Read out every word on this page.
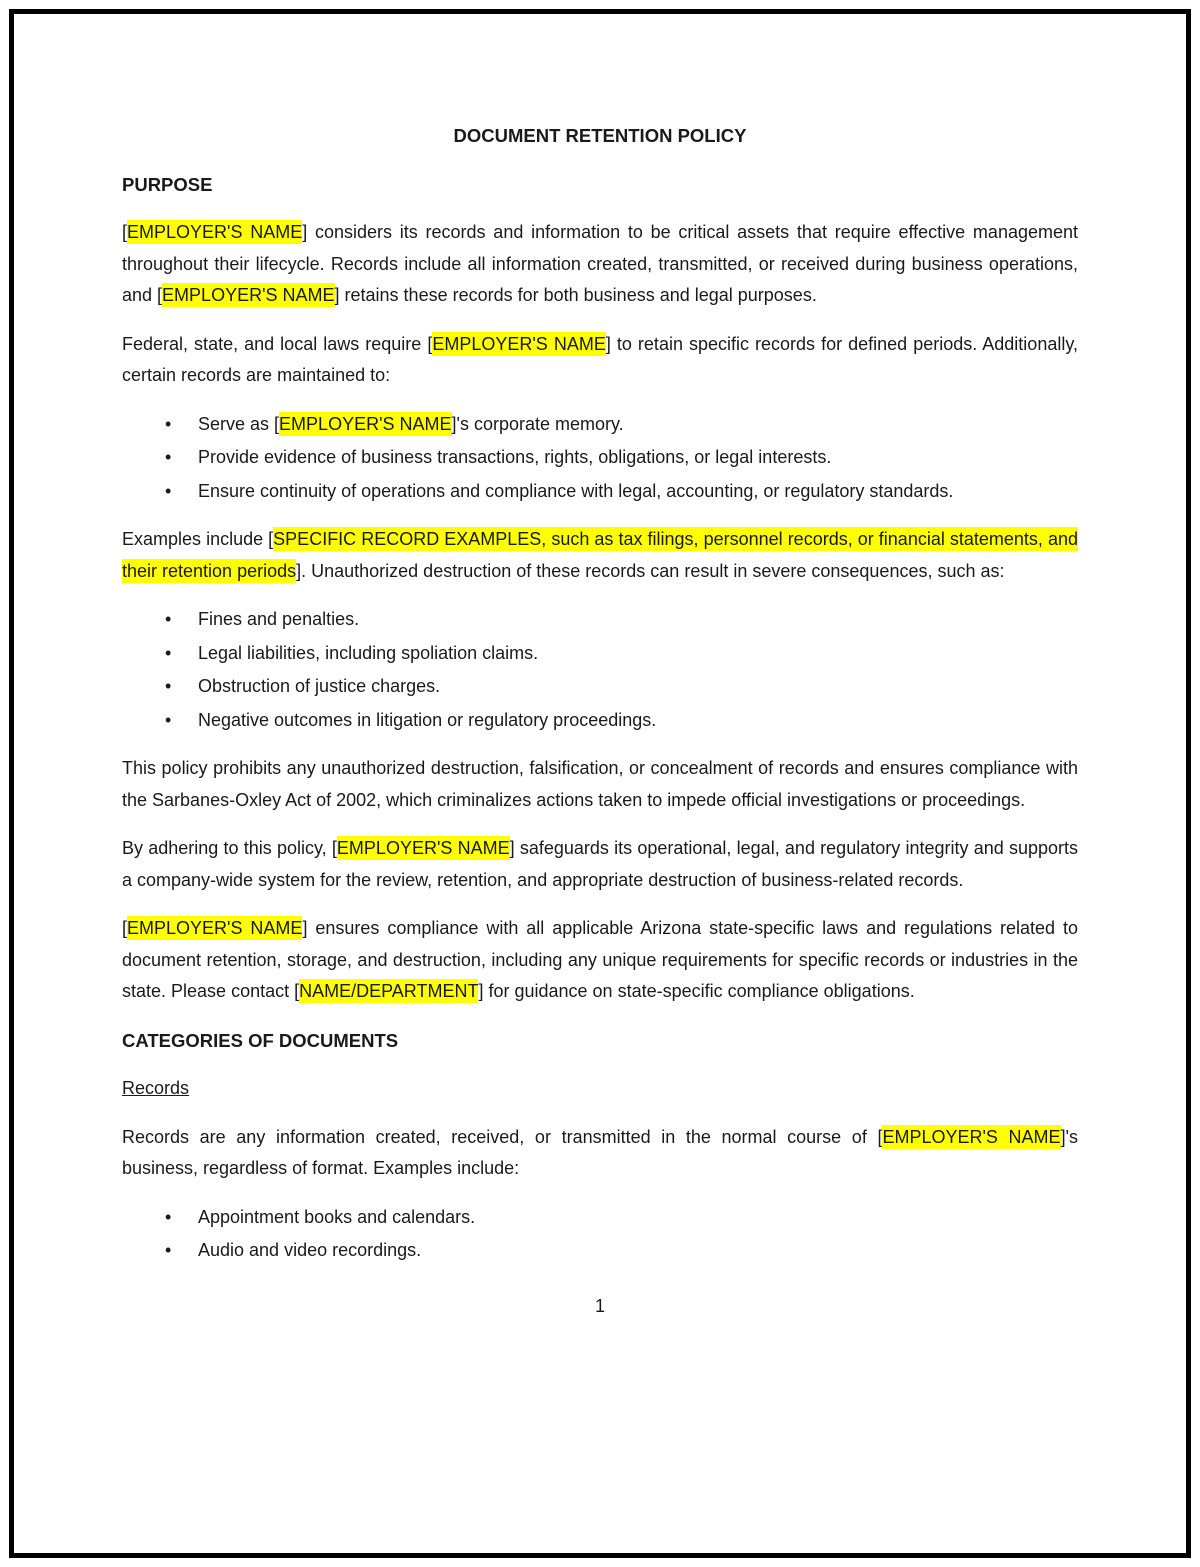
DOCUMENT RETENTION POLICY
PURPOSE

[EMPLOYER'S NAME] considers its records and information to be critical assets that require effective management throughout their lifecycle. Records include all information created, transmitted, or received during business operations, and [EMPLOYER'S NAME] retains these records for both business and legal purposes.

Federal, state, and local laws require [EMPLOYER'S NAME] to retain specific records for defined periods. Additionally, certain records are maintained to:

• Serve as [EMPLOYER'S NAME]'s corporate memory.
• Provide evidence of business transactions, rights, obligations, or legal interests.
• Ensure continuity of operations and compliance with legal, accounting, or regulatory standards.

Examples include [SPECIFIC RECORD EXAMPLES, such as tax filings, personnel records, or financial statements, and their retention periods]. Unauthorized destruction of these records can result in severe consequences, such as:

• Fines and penalties.
• Legal liabilities, including spoliation claims.
• Obstruction of justice charges.
• Negative outcomes in litigation or regulatory proceedings.

This policy prohibits any unauthorized destruction, falsification, or concealment of records and ensures compliance with the Sarbanes-Oxley Act of 2002, which criminalizes actions taken to impede official investigations or proceedings.

By adhering to this policy, [EMPLOYER'S NAME] safeguards its operational, legal, and regulatory integrity and supports a company-wide system for the review, retention, and appropriate destruction of business-related records.

[EMPLOYER'S NAME] ensures compliance with all applicable Arizona state-specific laws and regulations related to document retention, storage, and destruction, including any unique requirements for specific records or industries in the state. Please contact [NAME/DEPARTMENT] for guidance on state-specific compliance obligations.

CATEGORIES OF DOCUMENTS
Records

Records are any information created, received, or transmitted in the normal course of [EMPLOYER'S NAME]'s business, regardless of format. Examples include:

• Appointment books and calendars.
• Audio and video recordings.
1
